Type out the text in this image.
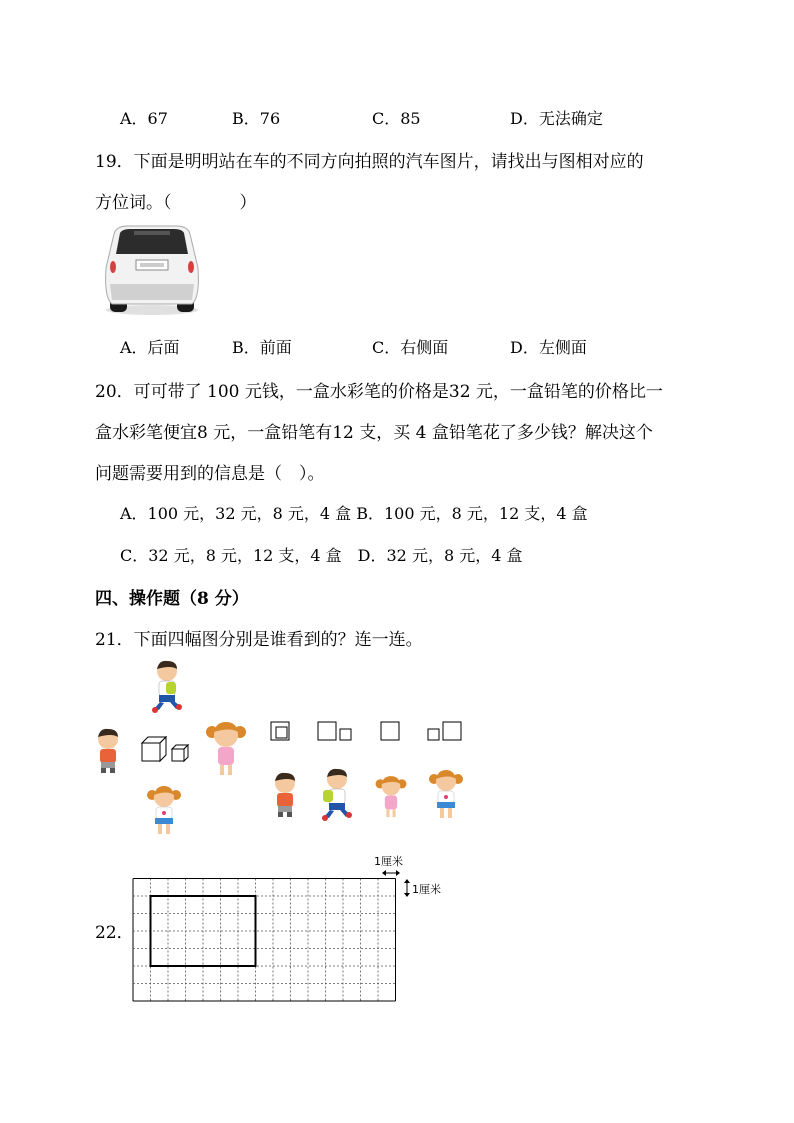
A．67	B．76	C．85	D．无法确定
19．下面是明明站在车的不同方向拍照的汽车图片，请找出与图相对应的
方位词。（　　　　）
A．后面	B．前面	C．右侧面	D．左侧面
20．可可带了 100 元钱，一盒水彩笔的价格是32 元，一盒铅笔的价格比一
盒水彩笔便宜8 元，一盒铅笔有12 支，买 4 盒铅笔花了多少钱？解决这个
问题需要用到的信息是（　）。
A．100 元，32 元，8 元，4 盒 B．100 元，8 元，12 支，4 盒
C．32 元，8 元，12 支，4 盒　D．32 元，8 元，4 盒
四、操作题（8 分）
21．下面四幅图分别是谁看到的？连一连。
22．
1厘米
1厘米
